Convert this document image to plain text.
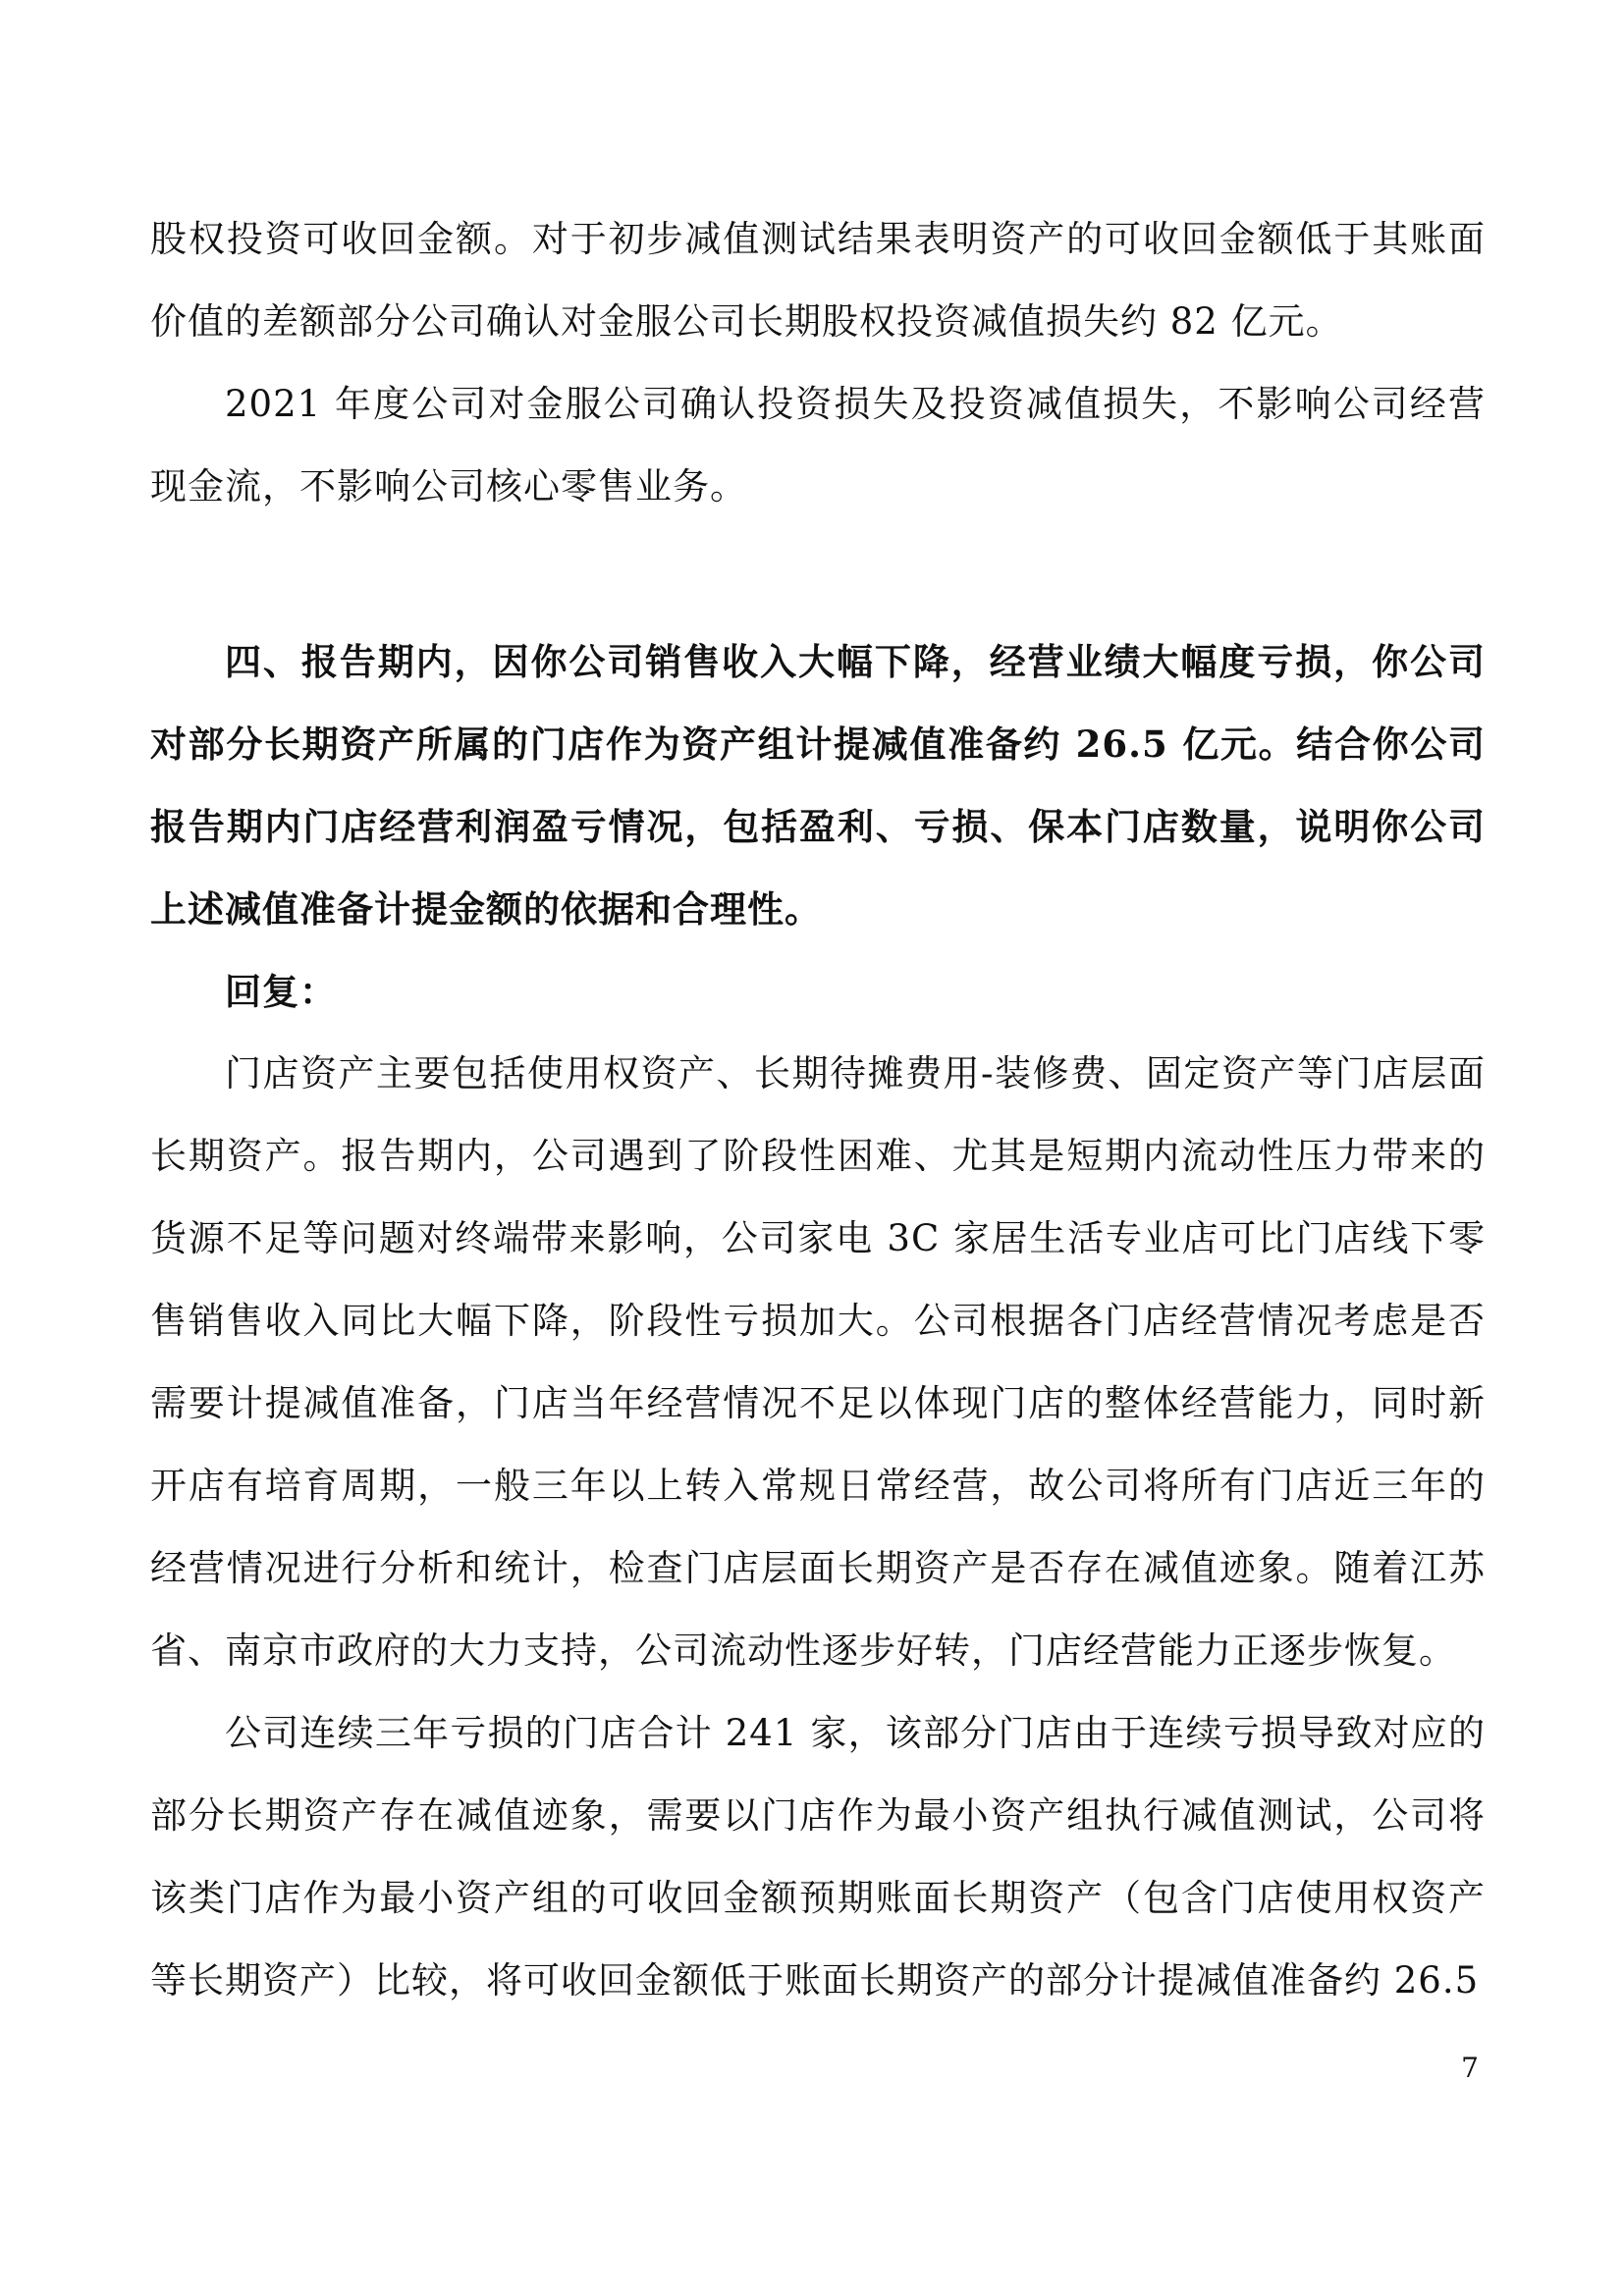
股权投资可收回金额。对于初步减值测试结果表明资产的可收回金额低于其账面价值的差额部分公司确认对金服公司长期股权投资减值损失约 82 亿元。

2021 年度公司对金服公司确认投资损失及投资减值损失，不影响公司经营现金流，不影响公司核心零售业务。

四、报告期内，因你公司销售收入大幅下降，经营业绩大幅度亏损，你公司对部分长期资产所属的门店作为资产组计提减值准备约 26.5 亿元。结合你公司报告期内门店经营利润盈亏情况，包括盈利、亏损、保本门店数量，说明你公司上述减值准备计提金额的依据和合理性。

回复：

门店资产主要包括使用权资产、长期待摊费用-装修费、固定资产等门店层面长期资产。报告期内，公司遇到了阶段性困难、尤其是短期内流动性压力带来的货源不足等问题对终端带来影响，公司家电 3C 家居生活专业店可比门店线下零售销售收入同比大幅下降，阶段性亏损加大。公司根据各门店经营情况考虑是否需要计提减值准备，门店当年经营情况不足以体现门店的整体经营能力，同时新开店有培育周期，一般三年以上转入常规日常经营，故公司将所有门店近三年的经营情况进行分析和统计，检查门店层面长期资产是否存在减值迹象。随着江苏省、南京市政府的大力支持，公司流动性逐步好转，门店经营能力正逐步恢复。

公司连续三年亏损的门店合计 241 家，该部分门店由于连续亏损导致对应的部分长期资产存在减值迹象，需要以门店作为最小资产组执行减值测试，公司将该类门店作为最小资产组的可收回金额预期账面长期资产（包含门店使用权资产等长期资产）比较，将可收回金额低于账面长期资产的部分计提减值准备约 26.5

7
